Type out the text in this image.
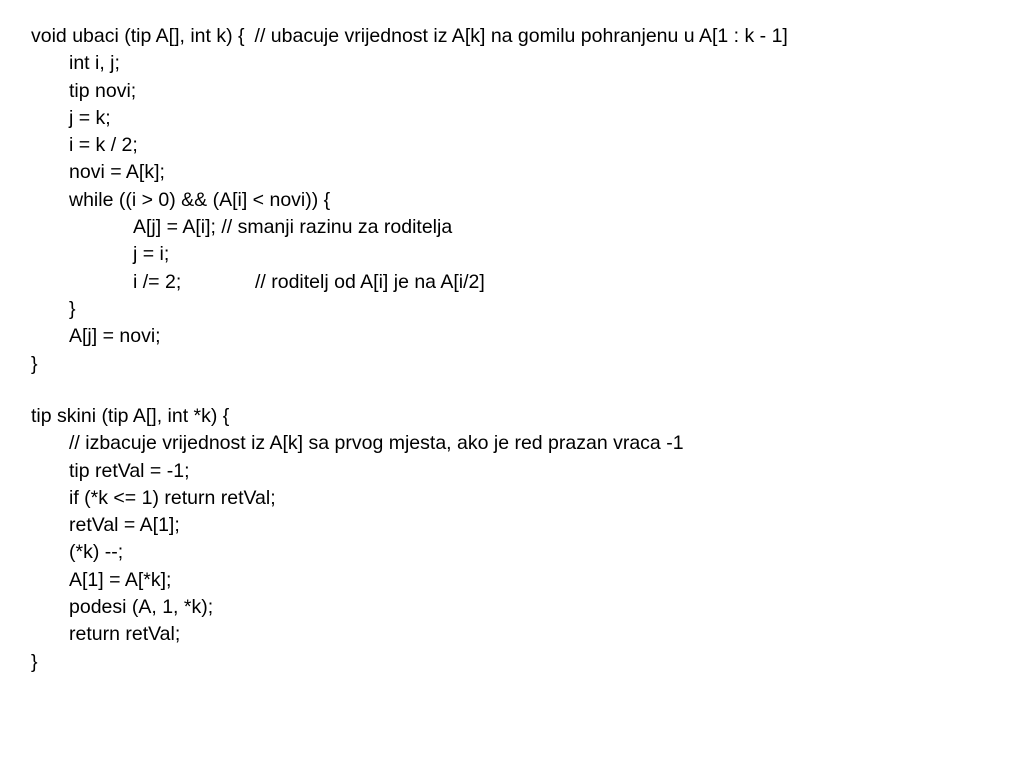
void ubaci (tip A[], int k) { // ubacuje vrijednost iz A[k] na gomilu pohranjenu u A[1 : k - 1]
int i, j;
tip novi;
j = k;
i = k / 2;
novi = A[k];
while ((i > 0) && (A[i] < novi)) {
A[j] = A[i]; // smanji razinu za roditelja
j = i;
i /= 2;	// roditelj od A[i] je na A[i/2]
}
A[j] = novi;
}
tip skini (tip A[], int *k) {
// izbacuje vrijednost iz A[k] sa prvog mjesta, ako je red prazan vraca -1
tip retVal = -1;
if (*k <= 1) return retVal;
retVal = A[1];
(*k) --;
A[1] = A[*k];
podesi (A, 1, *k);
return retVal;
}
